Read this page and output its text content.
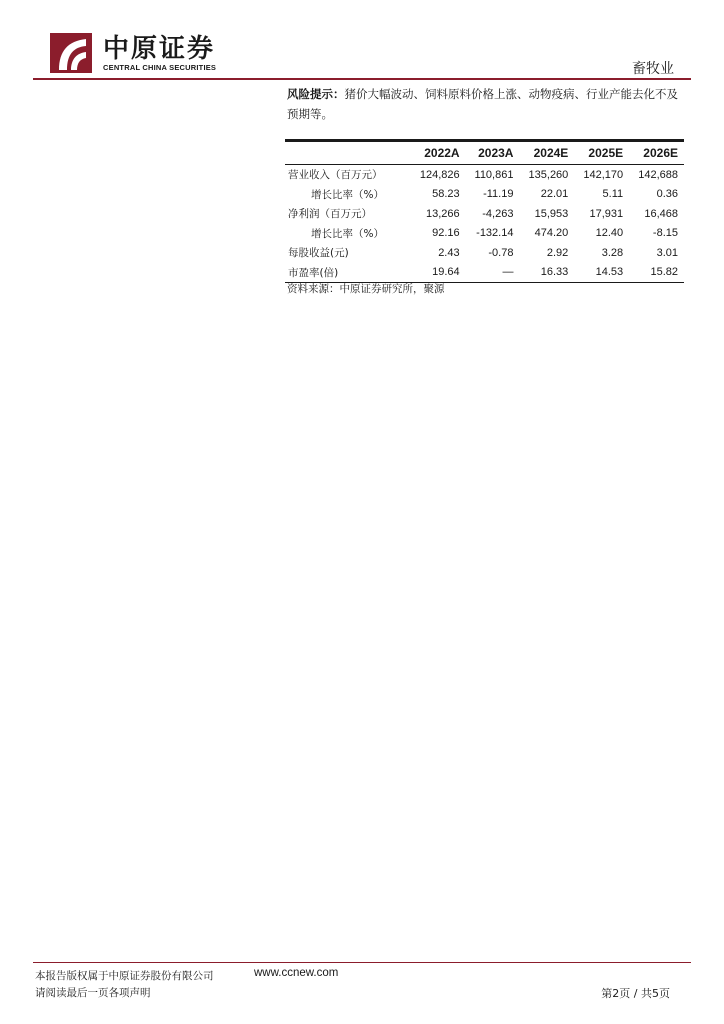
中原证券
CENTRAL CHINA SECURITIES	畜牧业
风险提示：猪价大幅波动、饲料原料价格上涨、动物疫病、行业产能去化不及预期等。
	2022A	2023A	2024E	2025E	2026E
营业收入（百万元）	124,826	110,861	135,260	142,170	142,688
增长比率（%）	58.23	-11.19	22.01	5.11	0.36
净利润（百万元）	13,266	-4,263	15,953	17,931	16,468
增长比率（%）	92.16	-132.14	474.20	12.40	-8.15
每股收益(元)	2.43	-0.78	2.92	3.28	3.01
市盈率(倍)	19.64	—	16.33	14.53	15.82
资料来源：中原证券研究所，聚源
本报告版权属于中原证券股份有限公司	www.ccnew.com
请阅读最后一页各项声明	第2页 / 共5页
